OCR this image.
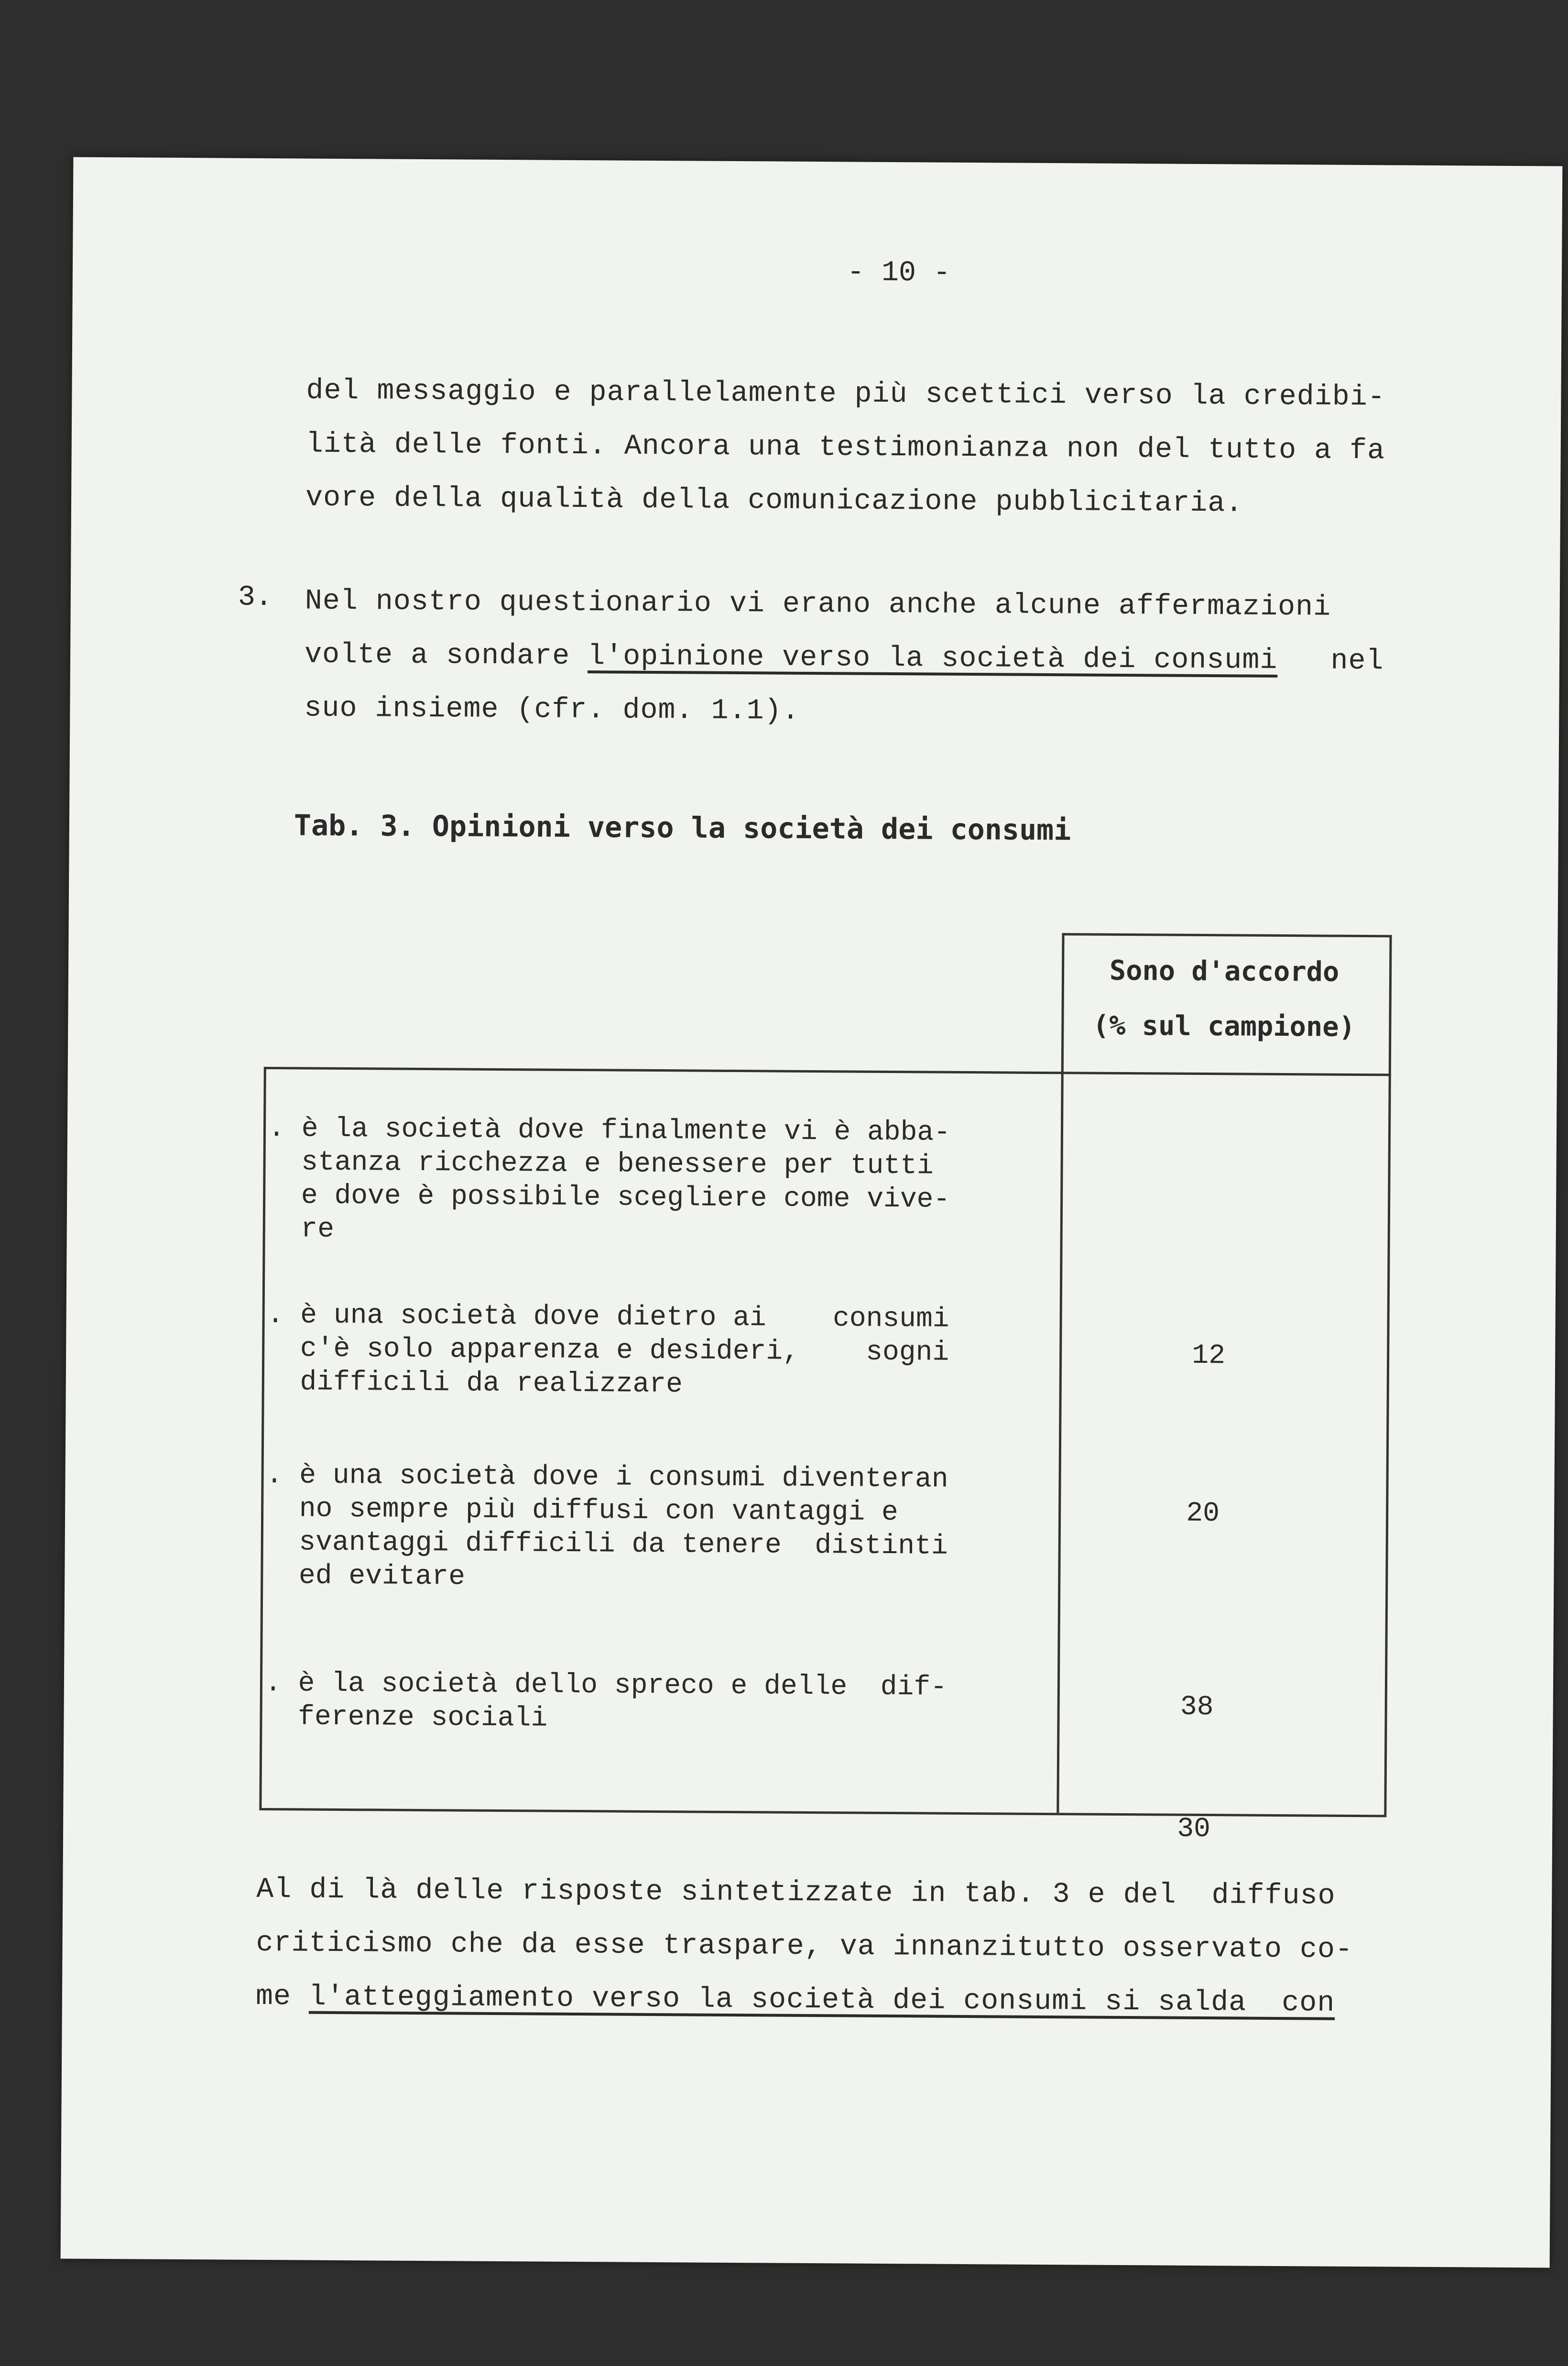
- 10 -
del messaggio e parallelamente più scettici verso la credibi-
lità delle fonti. Ancora una testimonianza non del tutto a fa
vore della qualità della comunicazione pubblicitaria.
3. Nel nostro questionario vi erano anche alcune affermazioni
volte a sondare l'opinione verso la società dei consumi   nel
suo insieme (cfr. dom. 1.1).
Tab. 3. Opinioni verso la società dei consumi
Sono d'accordo
(% sul campione)
. è la società dove finalmente vi è abba-
stanza ricchezza e benessere per tutti
e dove è possibile scegliere come vive-
re
12
. è una società dove dietro ai    consumi
c'è solo apparenza e desideri,    sogni
difficili da realizzare
20
. è una società dove i consumi diventeran
no sempre più diffusi con vantaggi e
svantaggi difficili da tenere  distinti
ed evitare
38
. è la società dello spreco e delle  dif-
ferenze sociali
30
Al di là delle risposte sintetizzate in tab. 3 e del  diffuso
criticismo che da esse traspare, va innanzitutto osservato co-
me l'atteggiamento verso la società dei consumi si salda  con
